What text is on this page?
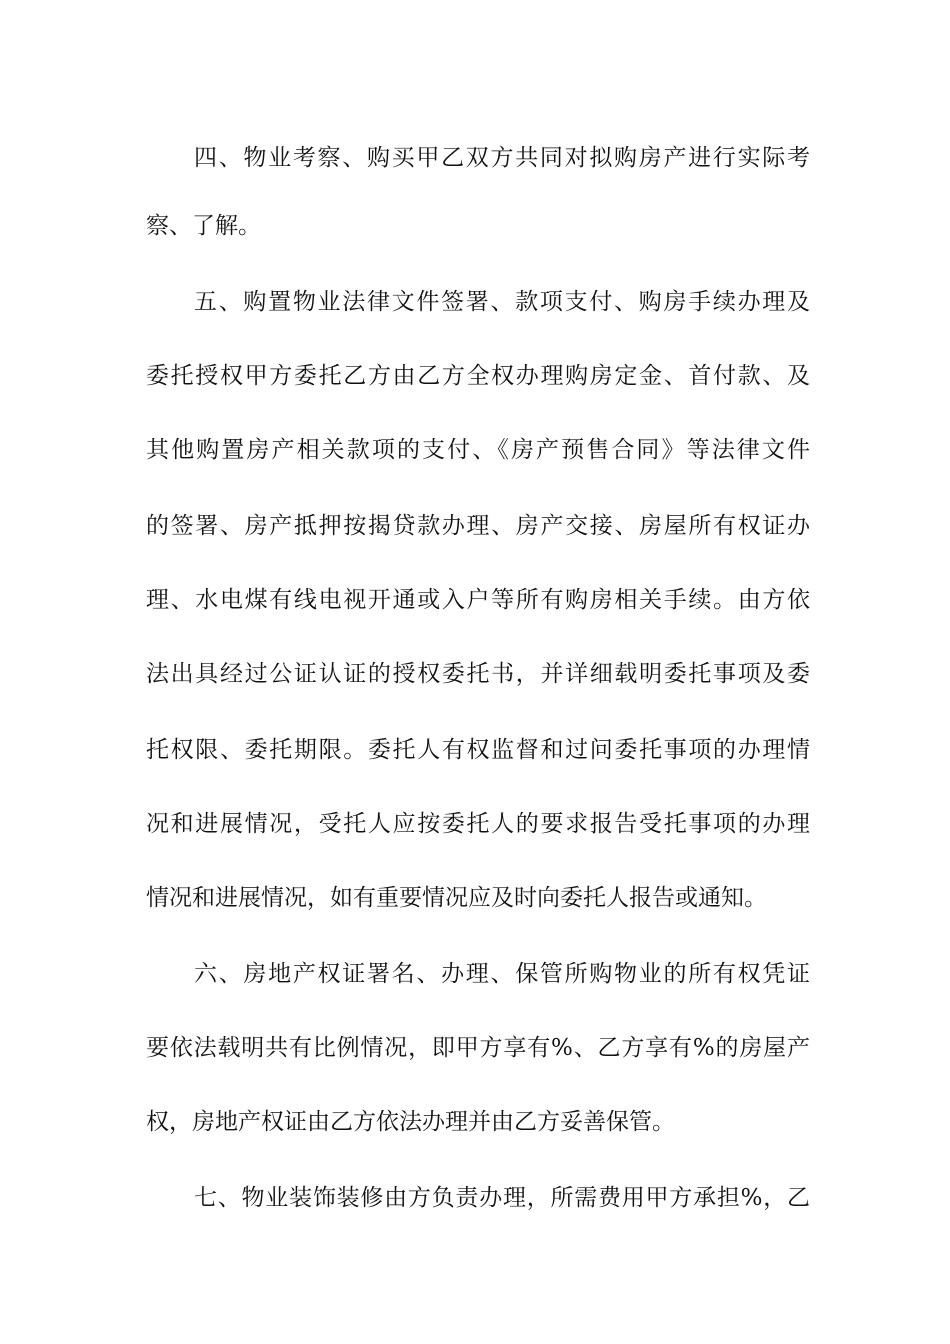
四、物业考察、购买甲乙双方共同对拟购房产进行实际考
察、了解。
五、购置物业法律文件签署、款项支付、购房手续办理及
委托授权甲方委托乙方由乙方全权办理购房定金、首付款、及
其他购置房产相关款项的支付、《房产预售合同》等法律文件
的签署、房产抵押按揭贷款办理、房产交接、房屋所有权证办
理、水电煤有线电视开通或入户等所有购房相关手续。由方依
法出具经过公证认证的授权委托书，并详细载明委托事项及委
托权限、委托期限。委托人有权监督和过问委托事项的办理情
况和进展情况，受托人应按委托人的要求报告受托事项的办理
情况和进展情况，如有重要情况应及时向委托人报告或通知。
六、房地产权证署名、办理、保管所购物业的所有权凭证
要依法载明共有比例情况，即甲方享有%、乙方享有%的房屋产
权，房地产权证由乙方依法办理并由乙方妥善保管。
七、物业装饰装修由方负责办理，所需费用甲方承担%，乙
